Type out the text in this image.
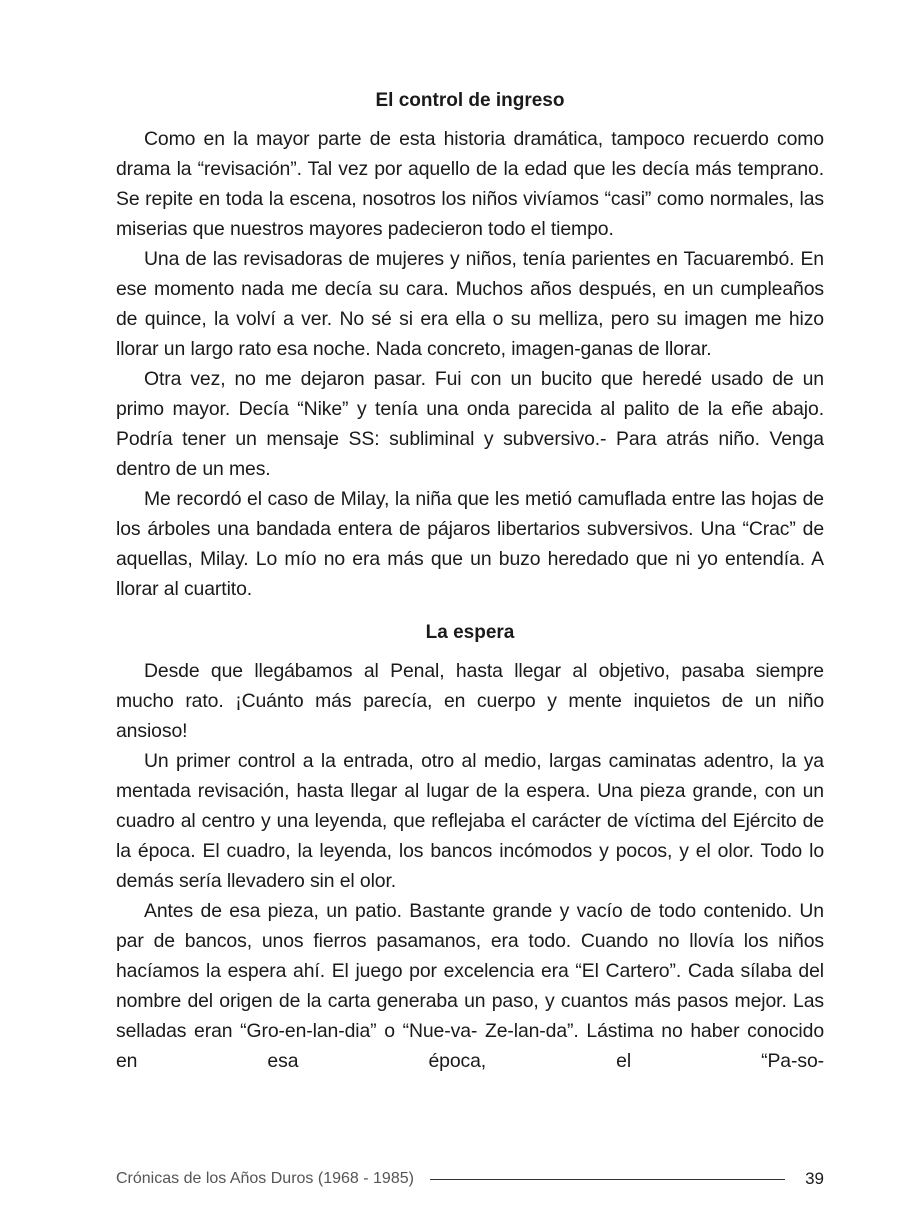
El control de ingreso

Como en la mayor parte de esta historia dramática, tampoco recuerdo como drama la “revisación”. Tal vez por aquello de la edad que les decía más temprano. Se repite en toda la escena, nosotros los niños vivíamos “casi” como normales, las miserias que nuestros mayores padecieron todo el tiempo.

Una de las revisadoras de mujeres y niños, tenía parientes en Tacuarembó. En ese momento nada me decía su cara. Muchos años después, en un cumpleaños de quince, la volví a ver. No sé si era ella o su melliza, pero su imagen me hizo llorar un largo rato esa noche. Nada concreto, imagen-ganas de llorar.

Otra vez, no me dejaron pasar. Fui con un bucito que heredé usado de un primo mayor. Decía “Nike” y tenía una onda parecida al palito de la eñe abajo. Podría tener un mensaje SS: subliminal y subversivo.- Para atrás niño. Venga dentro de un mes.

Me recordó el caso de Milay, la niña que les metió camuflada entre las hojas de los árboles una bandada entera de pájaros libertarios subversivos. Una “Crac” de aquellas, Milay. Lo mío no era más que un buzo heredado que ni yo entendía. A llorar al cuartito.

La espera

Desde que llegábamos al Penal, hasta llegar al objetivo, pasaba siempre mucho rato. ¡Cuánto más parecía, en cuerpo y mente inquietos de un niño ansioso!

Un primer control a la entrada, otro al medio, largas caminatas adentro, la ya mentada revisación, hasta llegar al lugar de la espera. Una pieza grande, con un cuadro al centro y una leyenda, que reflejaba el carácter de víctima del Ejército de la época. El cuadro, la leyenda, los bancos incómodos y pocos, y el olor. Todo lo demás sería llevadero sin el olor.

Antes de esa pieza, un patio. Bastante grande y vacío de todo contenido. Un par de bancos, unos fierros pasamanos, era todo. Cuando no llovía los niños hacíamos la espera ahí. El juego por excelencia era “El Cartero”. Cada sílaba del nombre del origen de la carta generaba un paso, y cuantos más pasos mejor. Las selladas eran “Gro-en-lan-dia” o “Nue-va- Ze-lan-da”. Lástima no haber conocido en esa época, el “Pa-so-

Crónicas de los Años Duros (1968 - 1985)	39
